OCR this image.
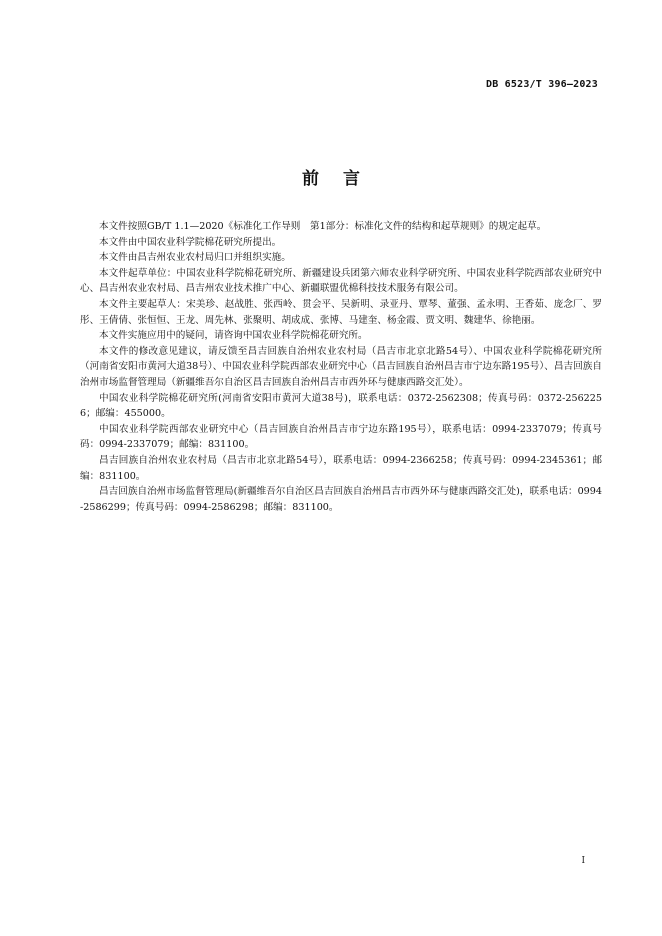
DB 6523/T 396—2023
前言

本文件按照GB/T 1.1—2020《标准化工作导则　第1部分：标准化文件的结构和起草规则》的规定起草。

本文件由中国农业科学院棉花研究所提出。

本文件由昌吉州农业农村局归口并组织实施。

本文件起草单位：中国农业科学院棉花研究所、新疆建设兵团第六师农业科学研究所、中国农业科学院西部农业研究中心、昌吉州农业农村局、昌吉州农业技术推广中心、新疆联盟优棉科技技术服务有限公司。

本文件主要起草人：宋美珍、赵战胜、张西岭、贯会平、吴新明、录亚丹、覃琴、董强、孟永明、王香茹、庞念厂、罗彤、王倩倩、张恒恒、王龙、周先林、张聚明、胡成成、张博、马建奎、杨金霞、贾文明、魏建华、徐艳丽。

本文件实施应用中的疑问，请咨询中国农业科学院棉花研究所。

本文件的修改意见建议，请反馈至昌吉回族自治州农业农村局（昌吉市北京北路54号）、中国农业科学院棉花研究所（河南省安阳市黄河大道38号）、中国农业科学院西部农业研究中心（昌吉回族自治州昌吉市宁边东路195号）、昌吉回族自治州市场监督管理局（新疆维吾尔自治区昌吉回族自治州昌吉市西外环与健康西路交汇处）。

中国农业科学院棉花研究所(河南省安阳市黄河大道38号)，联系电话：0372-2562308；传真号码：0372-2562256；邮编：455000。

中国农业科学院西部农业研究中心（昌吉回族自治州昌吉市宁边东路195号），联系电话：0994-2337079；传真号码：0994-2337079；邮编：831100。

昌吉回族自治州农业农村局（昌吉市北京北路54号），联系电话：0994-2366258；传真号码：0994-2345361；邮编：831100。

昌吉回族自治州市场监督管理局(新疆维吾尔自治区昌吉回族自治州昌吉市西外环与健康西路交汇处)，联系电话：0994-2586299；传真号码：0994-2586298；邮编：831100。

I
